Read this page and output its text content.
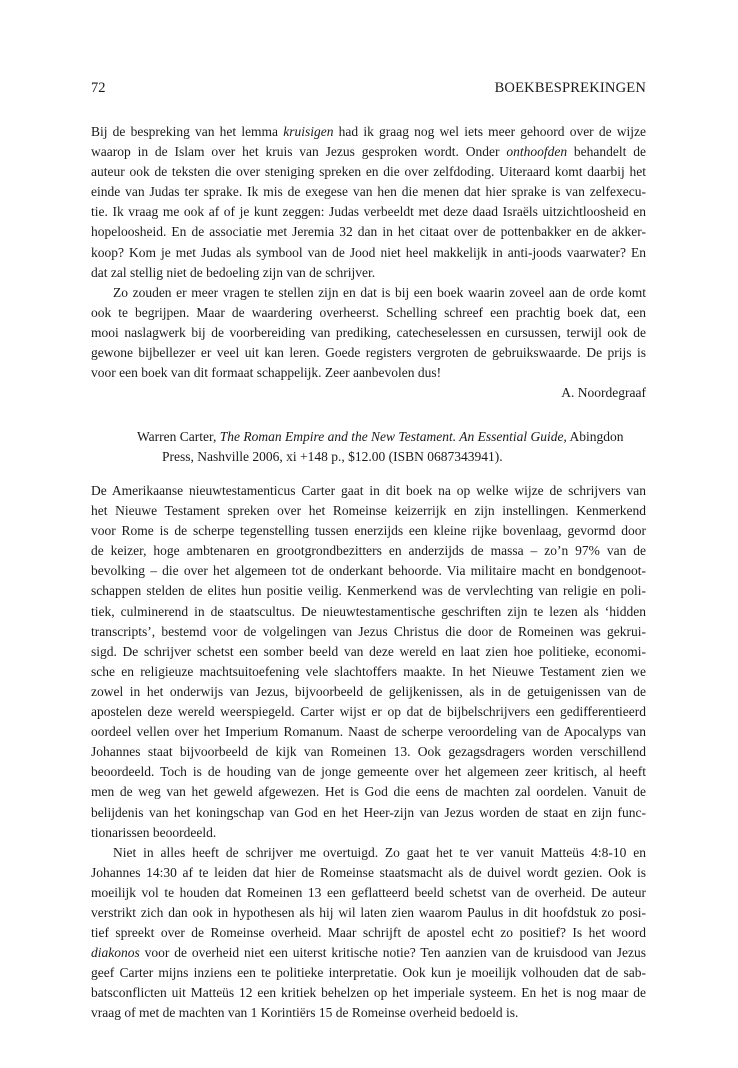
72	BOEKBESPREKINGEN
Bij de bespreking van het lemma kruisigen had ik graag nog wel iets meer gehoord over de wijze
waarop in de Islam over het kruis van Jezus gesproken wordt. Onder onthoofden behandelt de
auteur ook de teksten die over steniging spreken en die over zelfdoding. Uiteraard komt daarbij het
einde van Judas ter sprake. Ik mis de exegese van hen die menen dat hier sprake is van zelfexecu-
tie. Ik vraag me ook af of je kunt zeggen: Judas verbeeldt met deze daad Israëls uitzichtloosheid en
hopeloosheid. En de associatie met Jeremia 32 dan in het citaat over de pottenbakker en de akker-
koop? Kom je met Judas als symbool van de Jood niet heel makkelijk in anti-joods vaarwater? En
dat zal stellig niet de bedoeling zijn van de schrijver.
Zo zouden er meer vragen te stellen zijn en dat is bij een boek waarin zoveel aan de orde komt
ook te begrijpen. Maar de waardering overheerst. Schelling schreef een prachtig boek dat, een
mooi naslagwerk bij de voorbereiding van prediking, catecheselessen en cursussen, terwijl ook de
gewone bijbellezer er veel uit kan leren. Goede registers vergroten de gebruikswaarde. De prijs is
voor een boek van dit formaat schappelijk. Zeer aanbevolen dus!
A. Noordegraaf
Warren Carter, The Roman Empire and the New Testament. An Essential Guide, Abingdon
Press, Nashville 2006, xi +148 p., $12.00 (ISBN 0687343941).
De Amerikaanse nieuwtestamenticus Carter gaat in dit boek na op welke wijze de schrijvers van
het Nieuwe Testament spreken over het Romeinse keizerrijk en zijn instellingen. Kenmerkend
voor Rome is de scherpe tegenstelling tussen enerzijds een kleine rijke bovenlaag, gevormd door
de keizer, hoge ambtenaren en grootgrondbezitters en anderzijds de massa – zo’n 97% van de
bevolking – die over het algemeen tot de onderkant behoorde. Via militaire macht en bondgenoot-
schappen stelden de elites hun positie veilig. Kenmerkend was de vervlechting van religie en poli-
tiek, culminerend in de staatscultus. De nieuwtestamentische geschriften zijn te lezen als ‘hidden
transcripts’, bestemd voor de volgelingen van Jezus Christus die door de Romeinen was gekrui-
sigd. De schrijver schetst een somber beeld van deze wereld en laat zien hoe politieke, economi-
sche en religieuze machtsuitoefening vele slachtoffers maakte. In het Nieuwe Testament zien we
zowel in het onderwijs van Jezus, bijvoorbeeld de gelijkenissen, als in de getuigenissen van de
apostelen deze wereld weerspiegeld. Carter wijst er op dat de bijbelschrijvers een gedifferentieerd
oordeel vellen over het Imperium Romanum. Naast de scherpe veroordeling van de Apocalyps van
Johannes staat bijvoorbeeld de kijk van Romeinen 13. Ook gezagsdragers worden verschillend
beoordeeld. Toch is de houding van de jonge gemeente over het algemeen zeer kritisch, al heeft
men de weg van het geweld afgewezen. Het is God die eens de machten zal oordelen. Vanuit de
belijdenis van het koningschap van God en het Heer-zijn van Jezus worden de staat en zijn func-
tionarissen beoordeeld.
Niet in alles heeft de schrijver me overtuigd. Zo gaat het te ver vanuit Matteüs 4:8-10 en
Johannes 14:30 af te leiden dat hier de Romeinse staatsmacht als de duivel wordt gezien. Ook is
moeilijk vol te houden dat Romeinen 13 een geflatteerd beeld schetst van de overheid. De auteur
verstrikt zich dan ook in hypothesen als hij wil laten zien waarom Paulus in dit hoofdstuk zo posi-
tief spreekt over de Romeinse overheid. Maar schrijft de apostel echt zo positief? Is het woord
diakonos voor de overheid niet een uiterst kritische notie? Ten aanzien van de kruisdood van Jezus
geef Carter mijns inziens een te politieke interpretatie. Ook kun je moeilijk volhouden dat de sab-
batsconflicten uit Matteüs 12 een kritiek behelzen op het imperiale systeem. En het is nog maar de
vraag of met de machten van 1 Korintiërs 15 de Romeinse overheid bedoeld is.
